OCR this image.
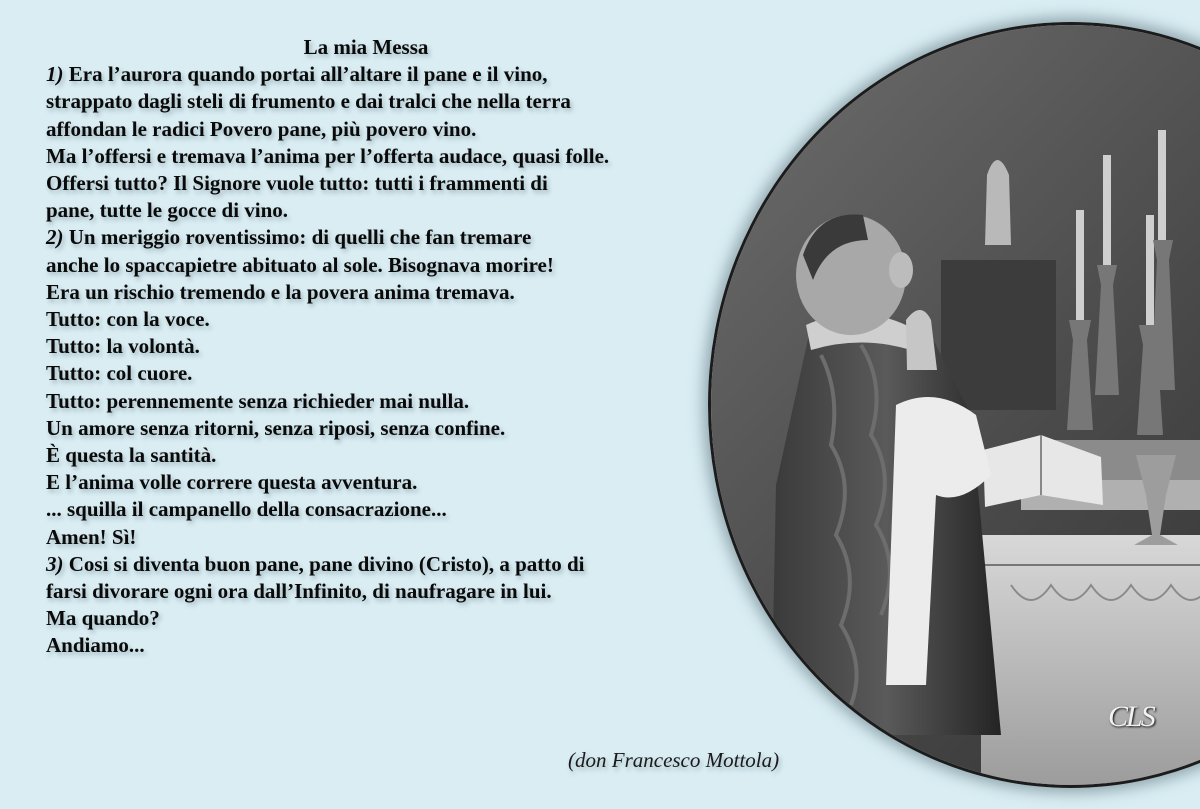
CLS
La mia Messa
1) Era l’aurora quando portai all’altare il pane e il vino,
strappato dagli steli di frumento e dai tralci che nella terra
affondan le radici Povero pane, più povero vino.
Ma l’offersi e tremava l’anima per l’offerta audace, quasi folle.
Offersi tutto? Il Signore vuole tutto: tutti i frammenti di
pane, tutte le gocce di vino.
2) Un meriggio roventissimo: di quelli che fan tremare
anche lo spaccapietre abituato al sole. Bisognava morire!
Era un rischio tremendo e la povera anima tremava.
Tutto: con la voce.
Tutto: la volontà.
Tutto: col cuore.
Tutto: perennemente senza richieder mai nulla.
Un amore senza ritorni, senza riposi, senza confine.
È questa la santità.
E l’anima volle correre questa avventura.
... squilla il campanello della consacrazione...
Amen! Sì!
3) Cosi si diventa buon pane, pane divino (Cristo), a patto di
farsi divorare ogni ora dall’Infinito, di naufragare in lui.
Ma quando?
Andiamo...
(don Francesco Mottola)
